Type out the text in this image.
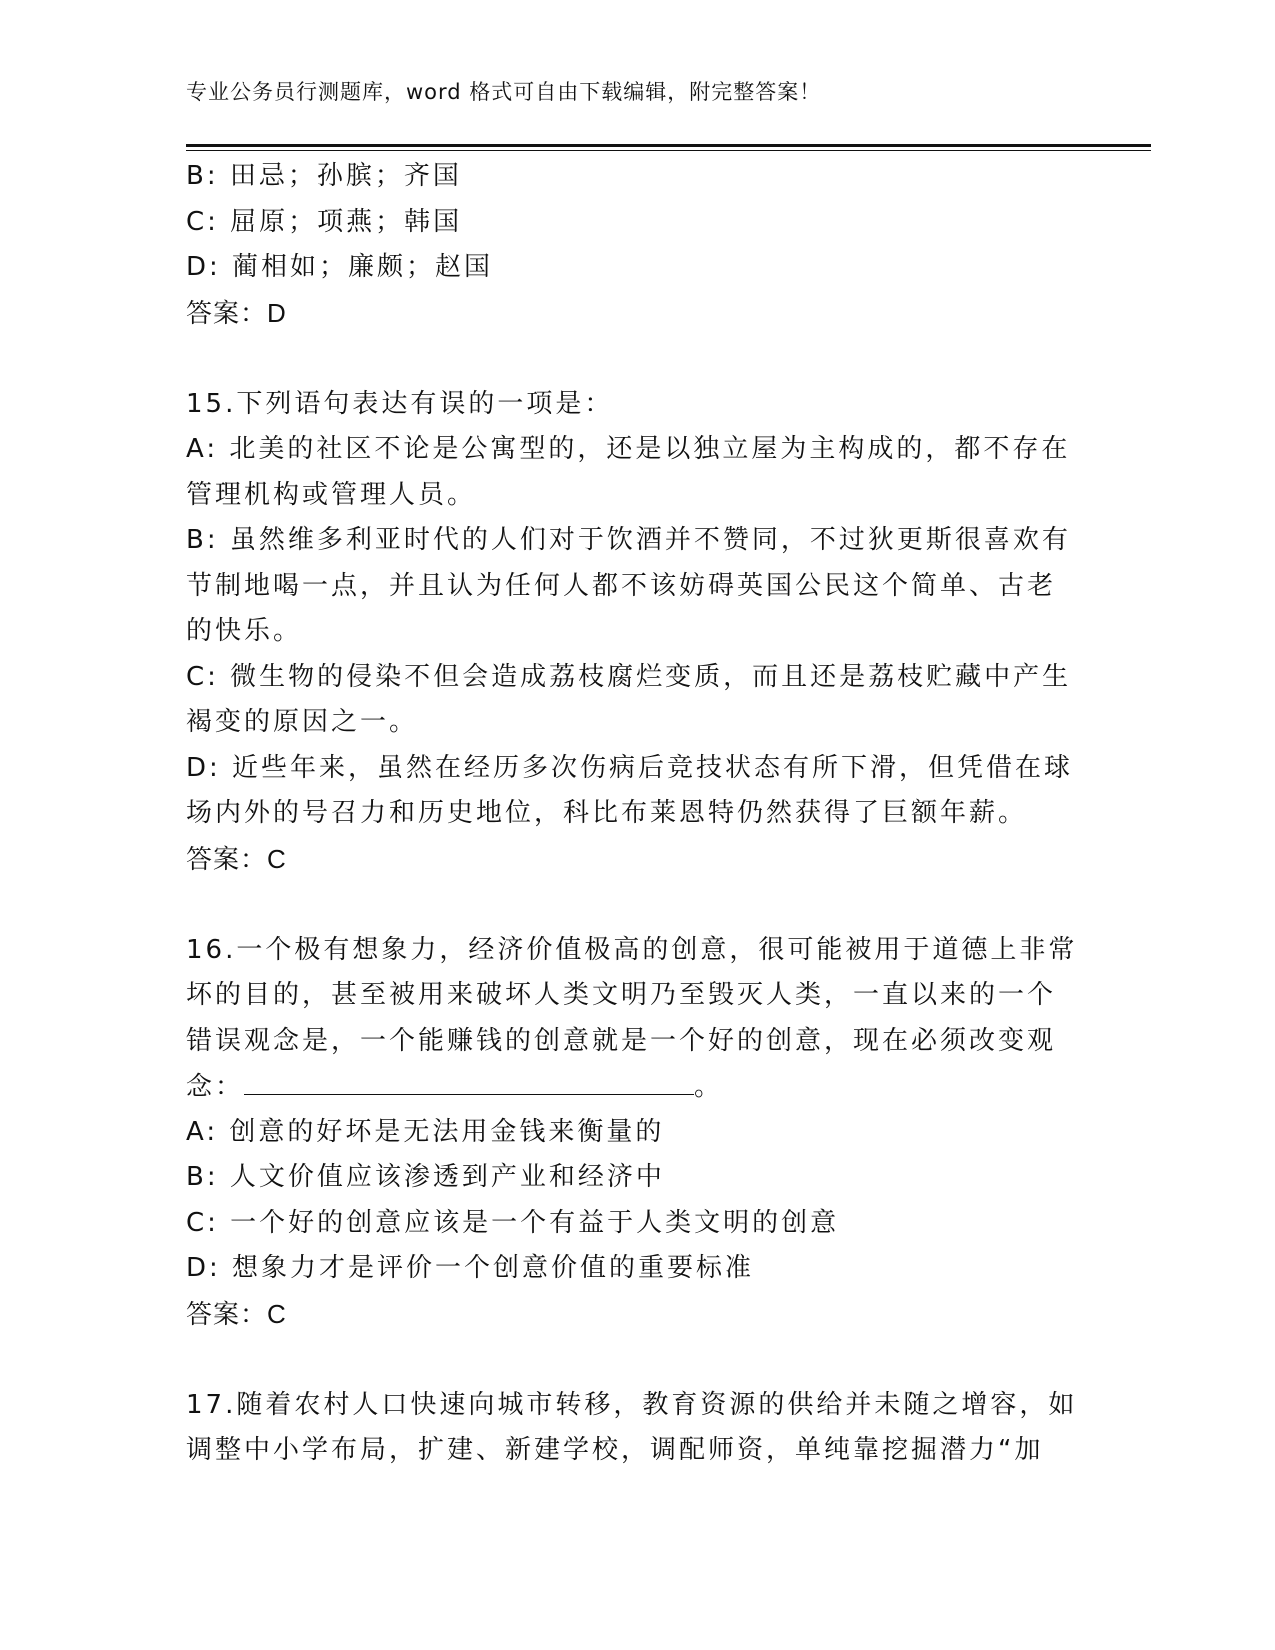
专业公务员行测题库，word 格式可自由下载编辑，附完整答案！
B: 田忌；孙膑；齐国
C: 屈原；项燕；韩国
D: 蔺相如；廉颇；赵国
答案：D
15.下列语句表达有误的一项是：
A: 北美的社区不论是公寓型的，还是以独立屋为主构成的，都不存在
管理机构或管理人员。
B: 虽然维多利亚时代的人们对于饮酒并不赞同，不过狄更斯很喜欢有
节制地喝一点，并且认为任何人都不该妨碍英国公民这个简单、古老
的快乐。
C: 微生物的侵染不但会造成荔枝腐烂变质，而且还是荔枝贮藏中产生
褐变的原因之一。
D: 近些年来，虽然在经历多次伤病后竞技状态有所下滑，但凭借在球
场内外的号召力和历史地位，科比布莱恩特仍然获得了巨额年薪。
答案：C
16.一个极有想象力，经济价值极高的创意，很可能被用于道德上非常
坏的目的，甚至被用来破坏人类文明乃至毁灭人类，一直以来的一个
错误观念是，一个能赚钱的创意就是一个好的创意，现在必须改变观
念：	。
A: 创意的好坏是无法用金钱来衡量的
B: 人文价值应该渗透到产业和经济中
C: 一个好的创意应该是一个有益于人类文明的创意
D: 想象力才是评价一个创意价值的重要标准
答案：C
17.随着农村人口快速向城市转移，教育资源的供给并未随之增容，如
调整中小学布局，扩建、新建学校，调配师资，单纯靠挖掘潜力“加
